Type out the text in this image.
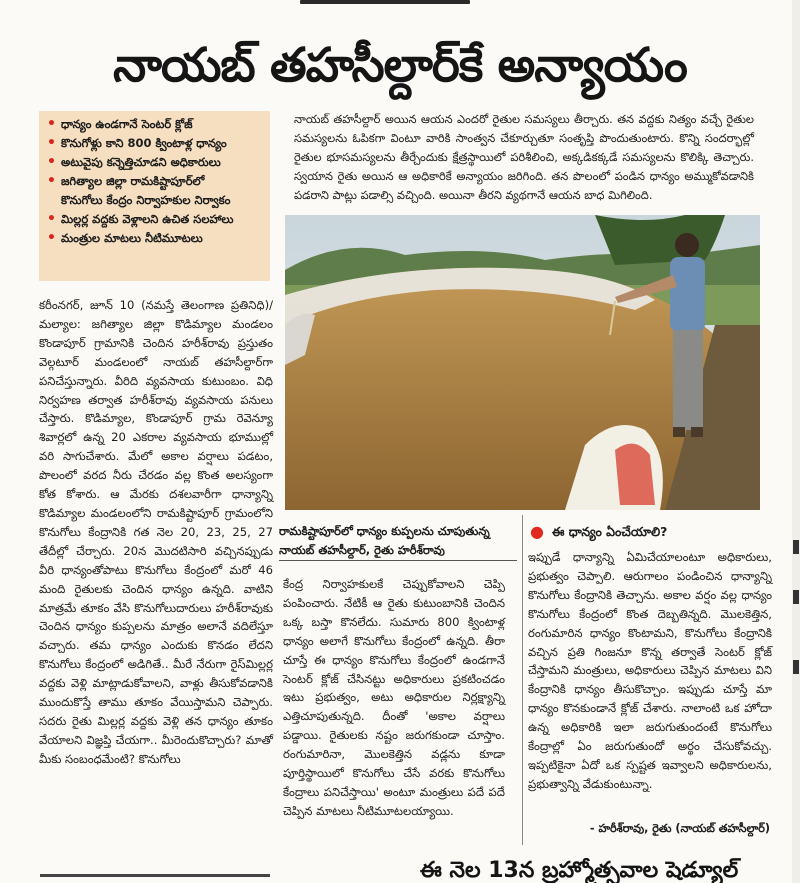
నాయబ్ తహసీల్దార్‌కే అన్యాయం
• ధాన్యం ఉండగానే సెంటర్ క్లోజ్
• కొనుగోళ్లు కాని 800 క్వింటాళ్ల ధాన్యం
• అటువైపు కన్నెత్తిచూడని అధికారులు
• జగిత్యాల జిల్లా రామకిష్టాపూర్‌లో
కొనుగోలు కేంద్రం నిర్వాహకుల నిర్వాకం
• మిల్లర్ల వద్దకు వెళ్లాలని ఉచిత సలహాలు
• మంత్రుల మాటలు నీటిమూటలు
నాయబ్ తహసీల్దార్ అయిన ఆయన ఎందరో రైతుల సమస్యలు తీర్చారు. తన వద్దకు నిత్యం వచ్చే రైతుల సమస్యలను ఓపికగా వింటూ వారికి సాంత్వన చేకూర్చుతూ సంతృప్తి పొందుతుంటారు. కొన్ని సందర్భాల్లో రైతుల భూసమస్యలను తీర్చేందుకు క్షేత్రస్థాయిలో పరిశీలించి, అక్కడికక్కడే సమస్యలను కొలిక్కి తెచ్చారు. స్వయాన రైతు అయిన ఆ అధికారికే అన్యాయం జరిగింది. తన పొలంలో పండిన ధాన్యం అమ్ముకోవడానికి పడరాని పాట్లు పడాల్సి వచ్చింది. అయినా తీరని వ్యథగానే ఆయన బాధ మిగిలింది.
రామకిష్టాపూర్‌లో ధాన్యం కుప్పలను చూపుతున్న
నాయబ్ తహసీల్దార్, రైతు హరీశ్‌రావు
కరీంనగర్, జూన్ 10 (నమస్తే తెలంగాణ ప్రతినిధి)/మల్యాల: జగిత్యాల జిల్లా కొడిమ్యాల మండలం కొండాపూర్ గ్రామానికి చెందిన హరీశ్‌రావు ప్రస్తుతం వెల్గటూర్ మండలంలో నాయబ్ తహసీల్దార్‌గా పనిచేస్తున్నారు. వీరిది వ్యవసాయ కుటుంబం. విధి నిర్వహణ తర్వాత హరీశ్‌రావు వ్యవసాయ పనులు చేస్తారు. కొడిమ్యాల, కొండాపూర్ గ్రామ రెవెన్యూ శివార్లలో ఉన్న 20 ఎకరాల వ్యవసాయ భూముల్లో వరి సాగుచేశారు. మేలో అకాల వర్షాలు పడటం, పొలంలో వరద నీరు చేరడం వల్ల కొంత అలస్యంగా కోత కోశారు. ఆ మేరకు దశలవారీగా ధాన్యాన్ని కొడిమ్యాల మండలంలోని రామకిష్టాపూర్ గ్రామంలోని కొనుగోలు కేంద్రానికి గత నెల 20, 23, 25, 27 తేదీల్లో చేర్చారు. 20న మొదటిసారి వచ్చినప్పుడు వీరి ధాన్యంతోపాటు కొనుగోలు కేంద్రంలో మరో 46 మంది రైతులకు చెందిన ధాన్యం ఉన్నది. వాటిని మాత్రమే తూకం వేసి కొనుగోలుదారులు హరీశ్‌రావుకు చెందిన ధాన్యం కుప్పలను మాత్రం అలానే వదిలేస్తూ వచ్చారు. తమ ధాన్యం ఎందుకు కొనడం లేదని కొనుగోలు కేంద్రంలో అడిగితే.. మీరే నేరుగా రైస్‌మిల్లర్ల వద్దకు వెళ్లి మాట్లాడుకోవాలని, వాళ్లు తీసుకోవడానికి ముందుకొస్తే తాము తూకం వేయిస్తామని చెప్పారు. సదరు రైతు మిల్లర్ల వద్దకు వెళ్లి తన ధాన్యం తూకం వేయాలని విజ్ఞప్తి చేయగా.. మీరెందుకొచ్చారు? మాతో మీకు సంబంధమేంటి? కొనుగోలు
కేంద్ర నిర్వాహకులకే చెప్పుకోవాలని చెప్పి పంపించారు. నేటికీ ఆ రైతు కుటుంబానికి చెందిన ఒక్క బస్తా కొనలేదు. సుమారు 800 క్వింటాళ్ల ధాన్యం అలాగే కొనుగోలు కేంద్రంలో ఉన్నది. తీరా చూస్తే ఈ ధాన్యం కొనుగోలు కేంద్రంలో ఉండగానే సెంటర్ క్లోజ్ చేసినట్టు అధికారులు ప్రకటించడం ఇటు ప్రభుత్వం, అటు అధికారుల నిర్లక్ష్యాన్ని ఎత్తిచూపుతున్నది. దీంతో 'అకాల వర్షాలు పడ్డాయి. రైతులకు నష్టం జరుగకుండా చూస్తాం. రంగుమారినా, మొలకెత్తిన వడ్లను కూడా పూర్తిస్థాయిలో కొనుగోలు చేసే వరకు కొనుగోలు కేంద్రాలు పనిచేస్తాయి' అంటూ మంత్రులు పదే పదే చెప్పిన మాటలు నీటిమూటలయ్యాయి.
● ఈ ధాన్యం ఏంచేయాలి?
ఇప్పుడే ధాన్యాన్ని ఏమిచేయాలంటూ అధికారులు, ప్రభుత్వం చెప్పాలి. ఆరుగాలం పండించిన ధాన్యాన్ని కొనుగోలు కేంద్రానికి తెచ్చాను. అకాల వర్షం వల్ల ధాన్యం కొనుగోలు కేంద్రంలో కొంత దెబ్బతిన్నది. మొలకెత్తిన, రంగుమారిన ధాన్యం కొంటామని, కొనుగోలు కేంద్రానికి వచ్చిన ప్రతి గింజనూ కొన్న తర్వాతే సెంటర్ క్లోజ్ చేస్తామని మంత్రులు, అధికారులు చెప్పిన మాటలు విని కేంద్రానికి ధాన్యం తీసుకొచ్చాం. ఇప్పుడు చూస్తే మా ధాన్యం కొనకుండానే క్లోజ్ చేశారు. నాలాంటి ఒక హోదా ఉన్న అధికారికి ఇలా జరుగుతుందంటే కొనుగోలు కేంద్రాల్లో ఏం జరుగుతుందో అర్థం చేసుకోవచ్చు. ఇప్పటికైనా ఏదో ఒక స్పష్టత ఇవ్వాలని అధికారులను, ప్రభుత్వాన్ని వేడుకుంటున్నా.
- హరీశ్‌రావు, రైతు (నాయబ్ తహసీల్దార్)
ఈ నెల 13న బ్రహ్మోత్సవాల షెడ్యూల్
